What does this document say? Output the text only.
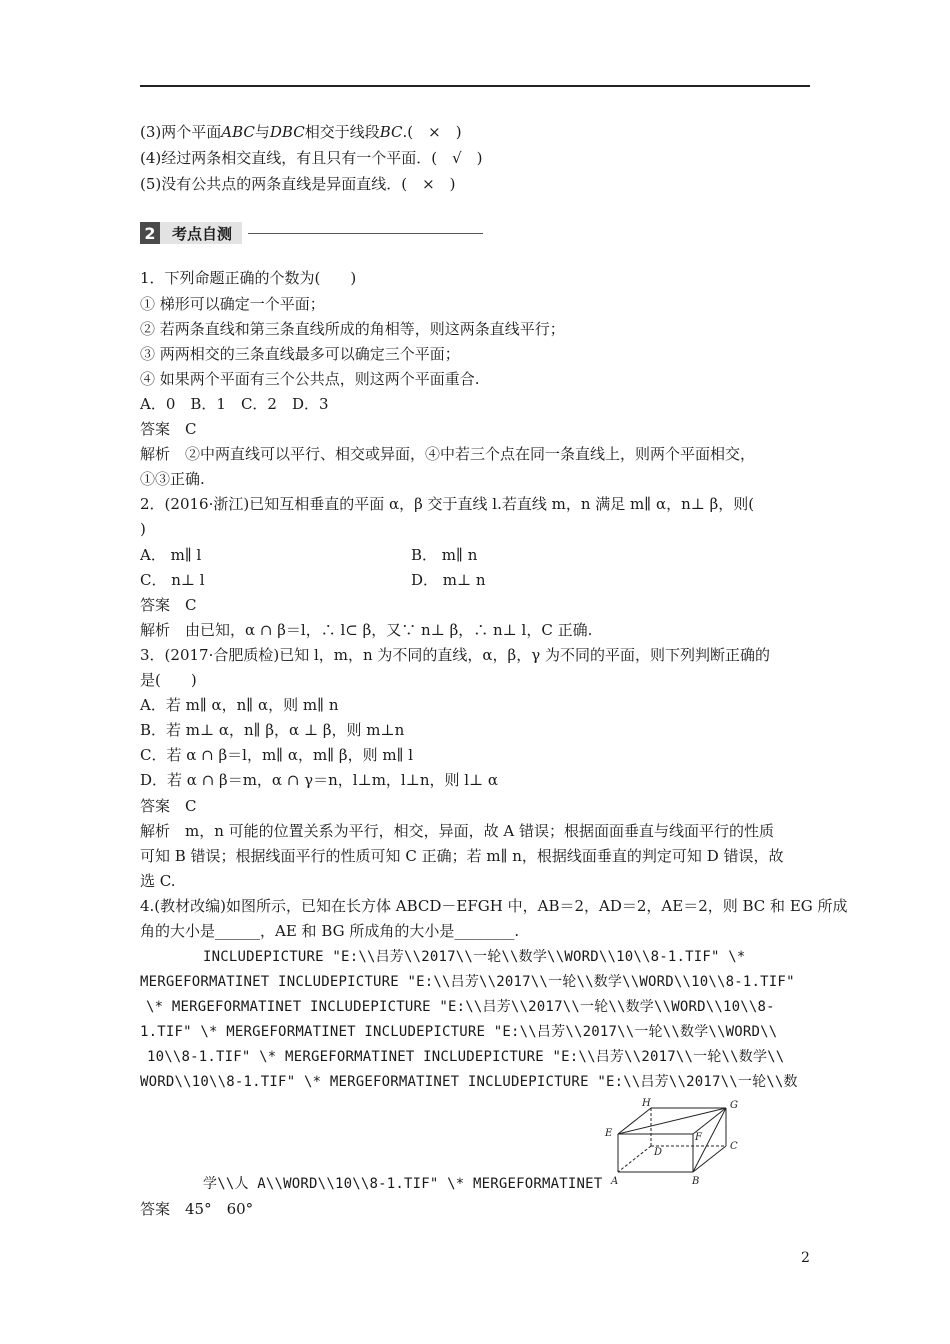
(3)两个平面ABC与DBC相交于线段BC.(　×　)
(4)经过两条相交直线，有且只有一个平面．(　√　)
(5)没有公共点的两条直线是异面直线．(　×　)
2	考点自测
1．下列命题正确的个数为(　　)
① 梯形可以确定一个平面；
② 若两条直线和第三条直线所成的角相等，则这两条直线平行；
③ 两两相交的三条直线最多可以确定三个平面；
④ 如果两个平面有三个公共点，则这两个平面重合.
A．0　B．1　C．2　D．3
答案　C
解析　②中两直线可以平行、相交或异面，④中若三个点在同一条直线上，则两个平面相交，
①③正确.
2．(2016·浙江)已知互相垂直的平面 α，β 交于直线 l.若直线 m，n 满足 m∥ α，n⊥ β，则(
)
A． m∥ l	B． m∥ n
C． n⊥ l	D． m⊥ n
答案　C
解析　由已知，α ∩ β＝l，∴ l⊂ β，又∵ n⊥ β，∴ n⊥ l，C 正确.
3．(2017·合肥质检)已知 l，m，n 为不同的直线，α，β，γ 为不同的平面，则下列判断正确的
是(　　)
A．若 m∥ α，n∥ α，则 m∥ n
B．若 m⊥ α，n∥ β，α ⊥ β，则 m⊥n
C．若 α ∩ β＝l，m∥ α，m∥ β，则 m∥ l
D．若 α ∩ β＝m，α ∩ γ＝n，l⊥m，l⊥n，则 l⊥ α
答案　C
解析　m，n 可能的位置关系为平行，相交，异面，故 A 错误；根据面面垂直与线面平行的性质
可知 B 错误；根据线面平行的性质可知 C 正确；若 m∥ n，根据线面垂直的判定可知 D 错误，故
选 C.
4.(教材改编)如图所示，已知在长方体 ABCD－EFGH 中，AB＝2，AD＝2，AE＝2，则 BC 和 EG 所成
角的大小是______，AE 和 BG 所成角的大小是________.
INCLUDEPICTURE "E:\\吕芳\\2017\\一轮\\数学\\WORD\\10\\8-1.TIF" \*
MERGEFORMATINET INCLUDEPICTURE "E:\\吕芳\\2017\\一轮\\数学\\WORD\\10\\8-1.TIF"
\* MERGEFORMATINET INCLUDEPICTURE "E:\\吕芳\\2017\\一轮\\数学\\WORD\\10\\8-
1.TIF" \* MERGEFORMATINET INCLUDEPICTURE "E:\\吕芳\\2017\\一轮\\数学\\WORD\\
10\\8-1.TIF" \* MERGEFORMATINET INCLUDEPICTURE "E:\\吕芳\\2017\\一轮\\数学\\
WORD\\10\\8-1.TIF" \* MERGEFORMATINET INCLUDEPICTURE "E:\\吕芳\\2017\\一轮\\数
学\\人 A\\WORD\\10\\8-1.TIF" \* MERGEFORMATINET
H	G
E	F
D
C
A	B
答案　45°　60°
2
